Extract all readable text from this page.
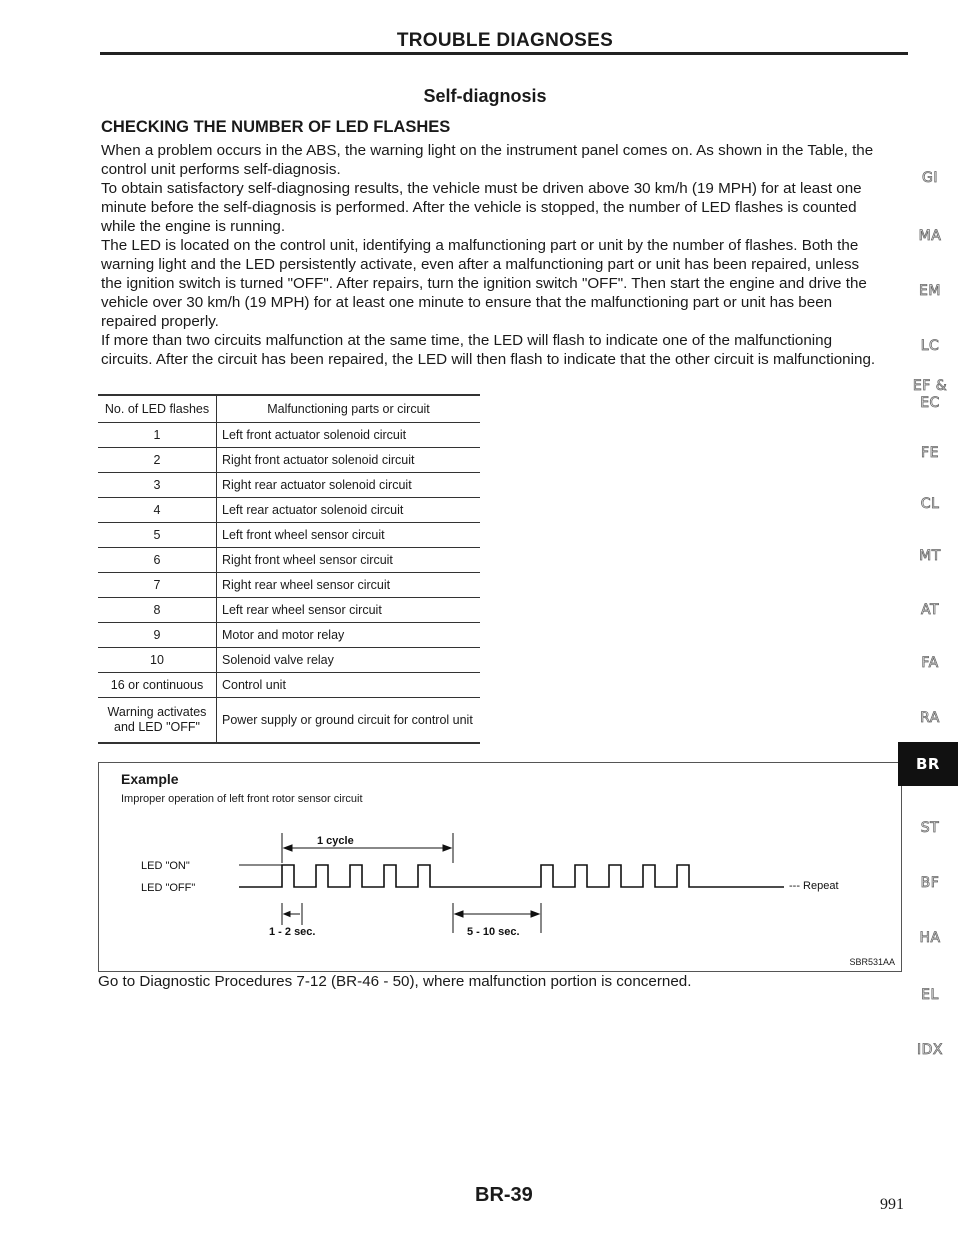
TROUBLE DIAGNOSES
Self-diagnosis
CHECKING THE NUMBER OF LED FLASHES

When a problem occurs in the ABS, the warning light on the instrument panel comes on. As shown in the Table, the control unit performs self-diagnosis.

To obtain satisfactory self-diagnosing results, the vehicle must be driven above 30 km/h (19 MPH) for at least one minute before the self-diagnosis is performed. After the vehicle is stopped, the number of LED flashes is counted while the engine is running.

The LED is located on the control unit, identifying a malfunctioning part or unit by the number of flashes. Both the warning light and the LED persistently activate, even after a malfunctioning part or unit has been repaired, unless the ignition switch is turned "OFF". After repairs, turn the ignition switch "OFF". Then start the engine and drive the vehicle over 30 km/h (19 MPH) for at least one minute to ensure that the malfunctioning part or unit has been repaired properly.

If more than two circuits malfunction at the same time, the LED will flash to indicate one of the malfunctioning circuits. After the circuit has been repaired, the LED will then flash to indicate that the other circuit is malfunctioning.

No. of LED flashes	Malfunctioning parts or circuit
1	Left front actuator solenoid circuit
2	Right front actuator solenoid circuit
3	Right rear actuator solenoid circuit
4	Left rear actuator solenoid circuit
5	Left front wheel sensor circuit
6	Right front wheel sensor circuit
7	Right rear wheel sensor circuit
8	Left rear wheel sensor circuit
9	Motor and motor relay
10	Solenoid valve relay
16 or continuous	Control unit
Warning activates and LED "OFF"	Power supply or ground circuit for control unit
Example
Improper operation of left front rotor sensor circuit
LED "ON"
LED "OFF"	--- Repeat
1 cycle
1 - 2 sec.	5 - 10 sec.
SBR531AA
Go to Diagnostic Procedures 7-12 (BR-46 - 50), where malfunction portion is concerned.
GI
MA
EM
LC
EF &
EC
FE
CL
MT
AT
FA
RA
BR
ST
BF
HA
EL
IDX
BR-39	991
